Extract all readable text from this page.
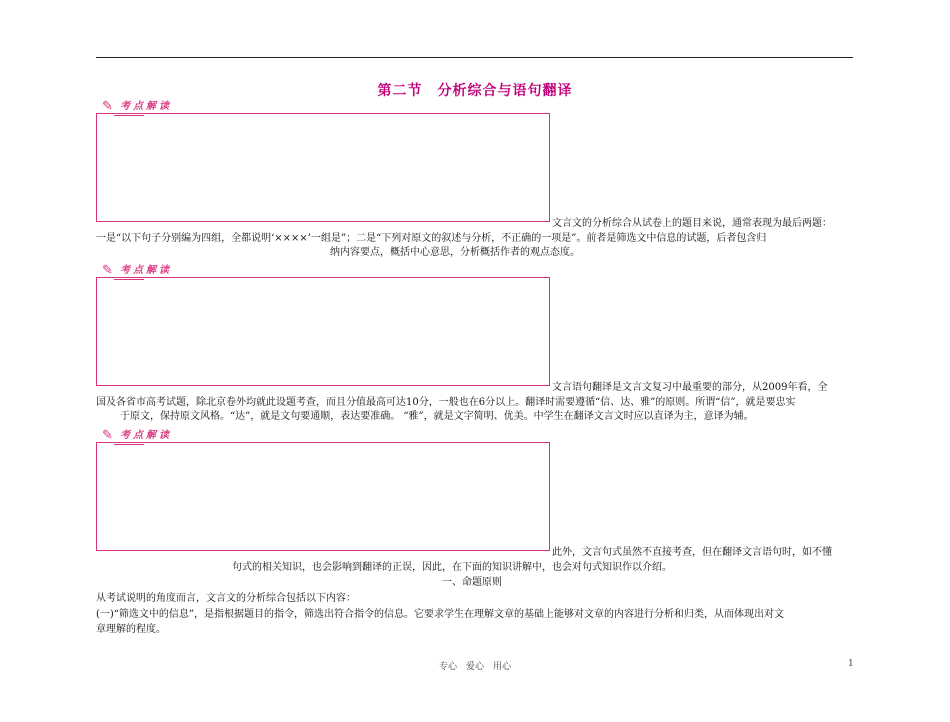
第二节　分析综合与语句翻译
✎ 考点解读
文言文的分析综合从试卷上的题目来说，通常表现为最后两题：
一是“以下句子分别编为四组，全都说明‘××××’一组是”；二是“下列对原文的叙述与分析，不正确的一项是”。前者是筛选文中信息的试题，后者包含归
纳内容要点，概括中心意思，分析概括作者的观点态度。
✎ 考点解读
文言语句翻译是文言文复习中最重要的部分，从2009年看，全
国及各省市高考试题，除北京卷外均就此设题考查，而且分值最高可达10分，一般也在6分以上。翻译时需要遵循“信、达、雅”的原则。所谓“信”，就是要忠实
于原文，保持原文风格。“达”，就是文句要通顺，表达要准确。 “雅”，就是文字简明、优美。中学生在翻译文言文时应以直译为主，意译为辅。
✎ 考点解读
此外，文言句式虽然不直接考查，但在翻译文言语句时，如不懂
句式的相关知识，也会影响到翻译的正误，因此，在下面的知识讲解中，也会对句式知识作以介绍。
一、命题原则
从考试说明的角度而言，文言文的分析综合包括以下内容：
(一)“筛选文中的信息”，是指根据题目的指令，筛选出符合指令的信息。它要求学生在理解文章的基础上能够对文章的内容进行分析和归类，从而体现出对文
章理解的程度。
专心　爱心　用心	1
